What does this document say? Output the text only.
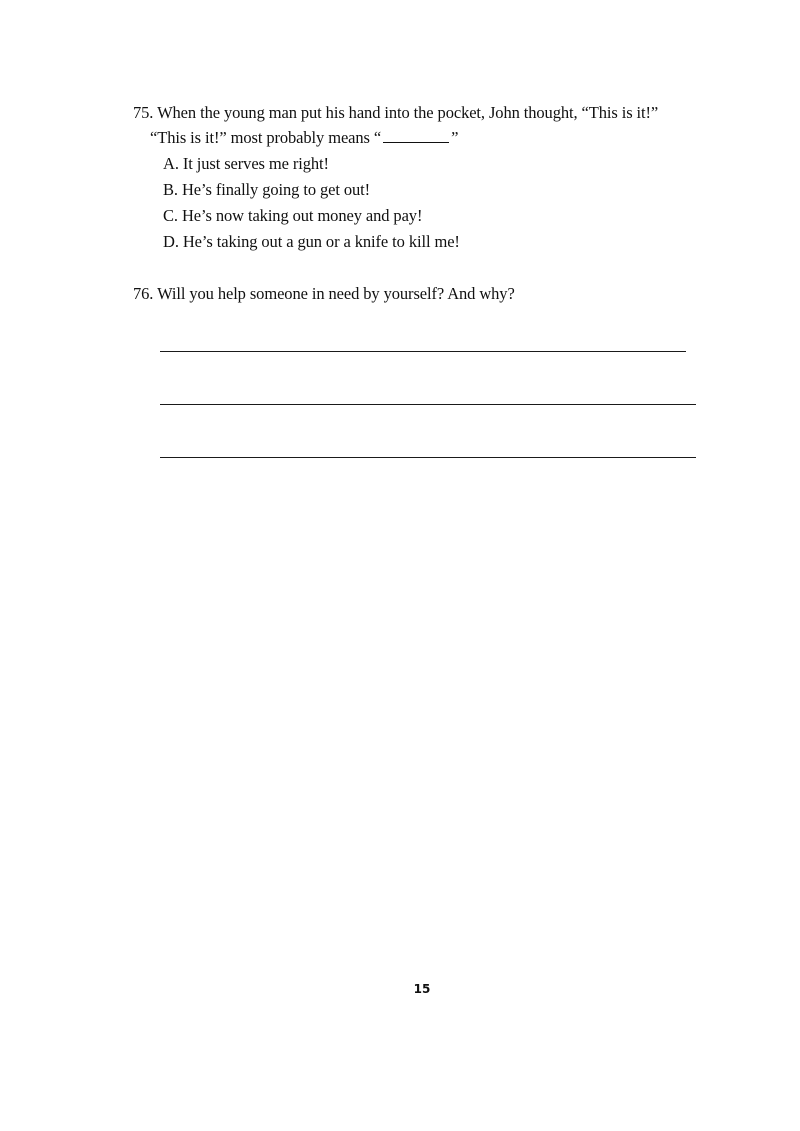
75. When the young man put his hand into the pocket, John thought, “This is it!”
“This is it!” most probably means “	”
A. It just serves me right!
B. He’s finally going to get out!
C. He’s now taking out money and pay!
D. He’s taking out a gun or a knife to kill me!
76. Will you help someone in need by yourself? And why?
15
